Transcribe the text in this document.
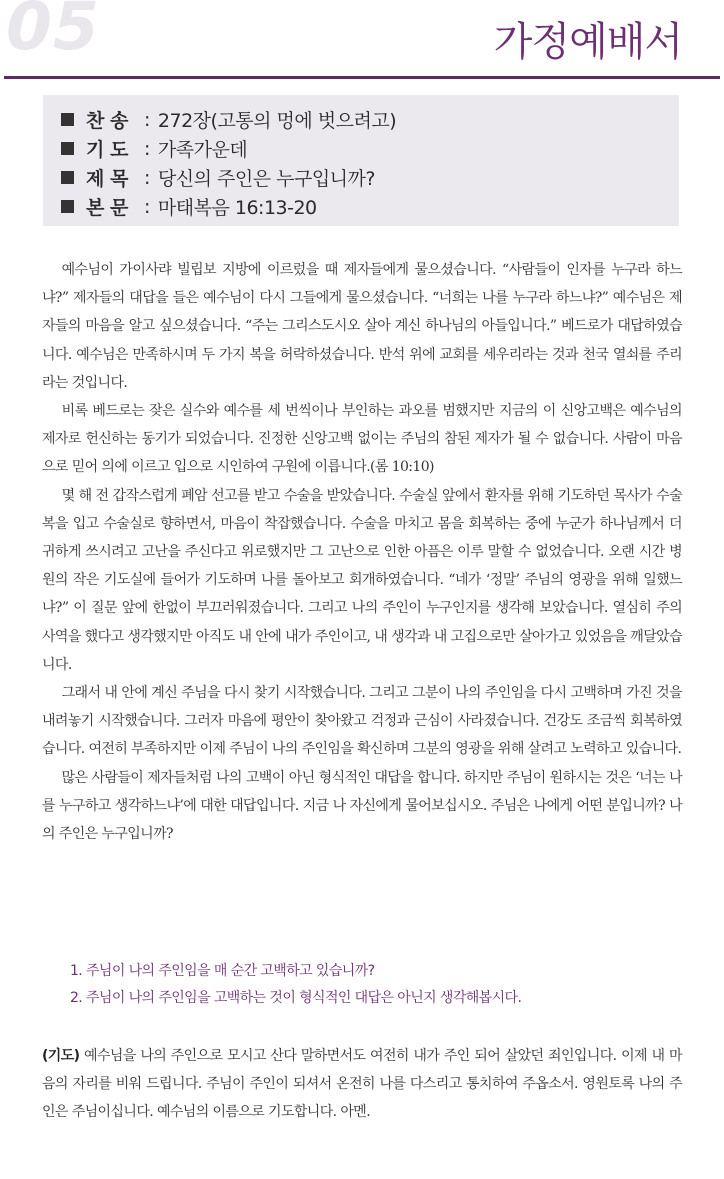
05	가정예배서
찬 송 : 272장(고통의 멍에 벗으려고)
기 도 : 가족가운데
제 목 : 당신의 주인은 누구입니까?
본 문 : 마태복음 16:13-20

예수님이 가이사랴 빌립보 지방에 이르렀을 때 제자들에게 물으셨습니다. “사람들이 인자를 누구라 하느냐?” 제자들의 대답을 들은 예수님이 다시 그들에게 물으셨습니다. “너희는 나를 누구라 하느냐?” 예수님은 제자들의 마음을 알고 싶으셨습니다. “주는 그리스도시오 살아 계신 하나님의 아들입니다.” 베드로가 대답하였습니다. 예수님은 만족하시며 두 가지 복을 허락하셨습니다. 반석 위에 교회를 세우리라는 것과 천국 열쇠를 주리라는 것입니다.

비록 베드로는 잦은 실수와 예수를 세 번씩이나 부인하는 과오를 범했지만 지금의 이 신앙고백은 예수님의 제자로 헌신하는 동기가 되었습니다. 진정한 신앙고백 없이는 주님의 참된 제자가 될 수 없습니다. 사람이 마음으로 믿어 의에 이르고 입으로 시인하여 구원에 이릅니다.(롬 10:10)

몇 해 전 갑작스럽게 폐암 선고를 받고 수술을 받았습니다. 수술실 앞에서 환자를 위해 기도하던 목사가 수술복을 입고 수술실로 향하면서, 마음이 착잡했습니다. 수술을 마치고 몸을 회복하는 중에 누군가 하나님께서 더 귀하게 쓰시려고 고난을 주신다고 위로했지만 그 고난으로 인한 아픔은 이루 말할 수 없었습니다. 오랜 시간 병원의 작은 기도실에 들어가 기도하며 나를 돌아보고 회개하였습니다. “네가 ‘정말’ 주님의 영광을 위해 일했느냐?” 이 질문 앞에 한없이 부끄러워졌습니다. 그리고 나의 주인이 누구인지를 생각해 보았습니다. 열심히 주의 사역을 했다고 생각했지만 아직도 내 안에 내가 주인이고, 내 생각과 내 고집으로만 살아가고 있었음을 깨달았습니다.

그래서 내 안에 계신 주님을 다시 찾기 시작했습니다. 그리고 그분이 나의 주인임을 다시 고백하며 가진 것을 내려놓기 시작했습니다. 그러자 마음에 평안이 찾아왔고 걱정과 근심이 사라졌습니다. 건강도 조금씩 회복하였습니다. 여전히 부족하지만 이제 주님이 나의 주인임을 확신하며 그분의 영광을 위해 살려고 노력하고 있습니다.

많은 사람들이 제자들처럼 나의 고백이 아닌 형식적인 대답을 합니다. 하지만 주님이 원하시는 것은 ‘너는 나를 누구하고 생각하느냐’에 대한 대답입니다. 지금 나 자신에게 물어보십시오. 주님은 나에게 어떤 분입니까? 나의 주인은 누구입니까?

1. 주님이 나의 주인임을 매 순간 고백하고 있습니까?
2. 주님이 나의 주인임을 고백하는 것이 형식적인 대답은 아닌지 생각해봅시다.
(기도) 예수님을 나의 주인으로 모시고 산다 말하면서도 여전히 내가 주인 되어 살았던 죄인입니다. 이제 내 마음의 자리를 비워 드립니다. 주님이 주인이 되셔서 온전히 나를 다스리고 통치하여 주옵소서. 영원토록 나의 주인은 주님이십니다. 예수님의 이름으로 기도합니다. 아멘.
